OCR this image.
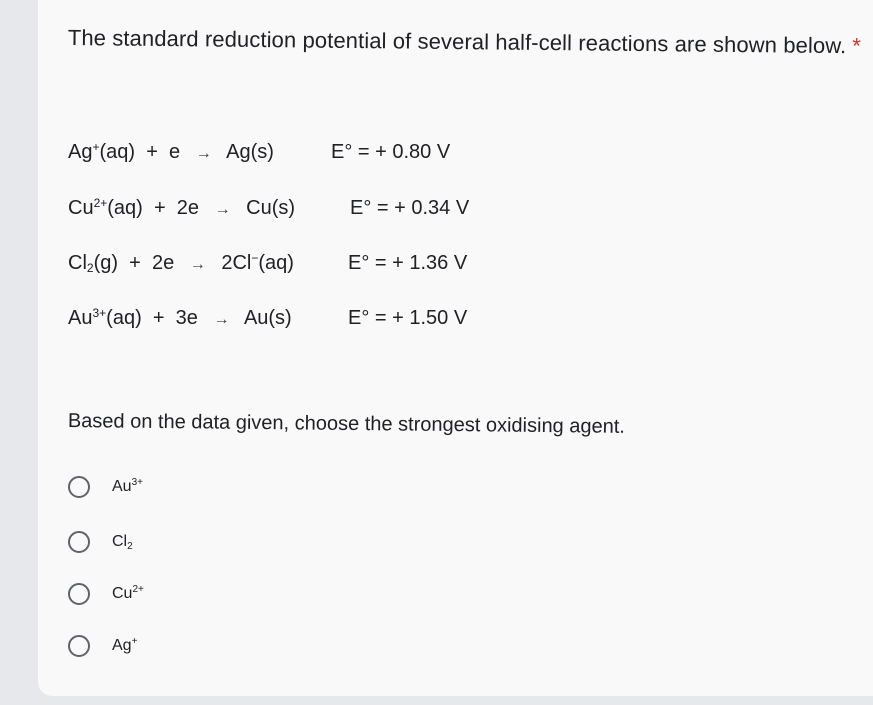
The standard reduction potential of several half-cell reactions are shown below. *
Ag+(aq) + e → Ag(s)	E° = + 0.80 V
$Cu^{2+}(aq) + 2e \to Cu(s)$	E° = + 0.34 V
$Cl_2(g) + 2e \to 2Cl^-(aq)$	E° = + 1.36 V
$Au^{3+}(aq) + 3e \to Au(s)$	E° = + 1.50 V
Based on the data given, choose the strongest oxidising agent.
$Au^{3+}$
$Cl_2$
$Cu^{2+}$
Ag+
